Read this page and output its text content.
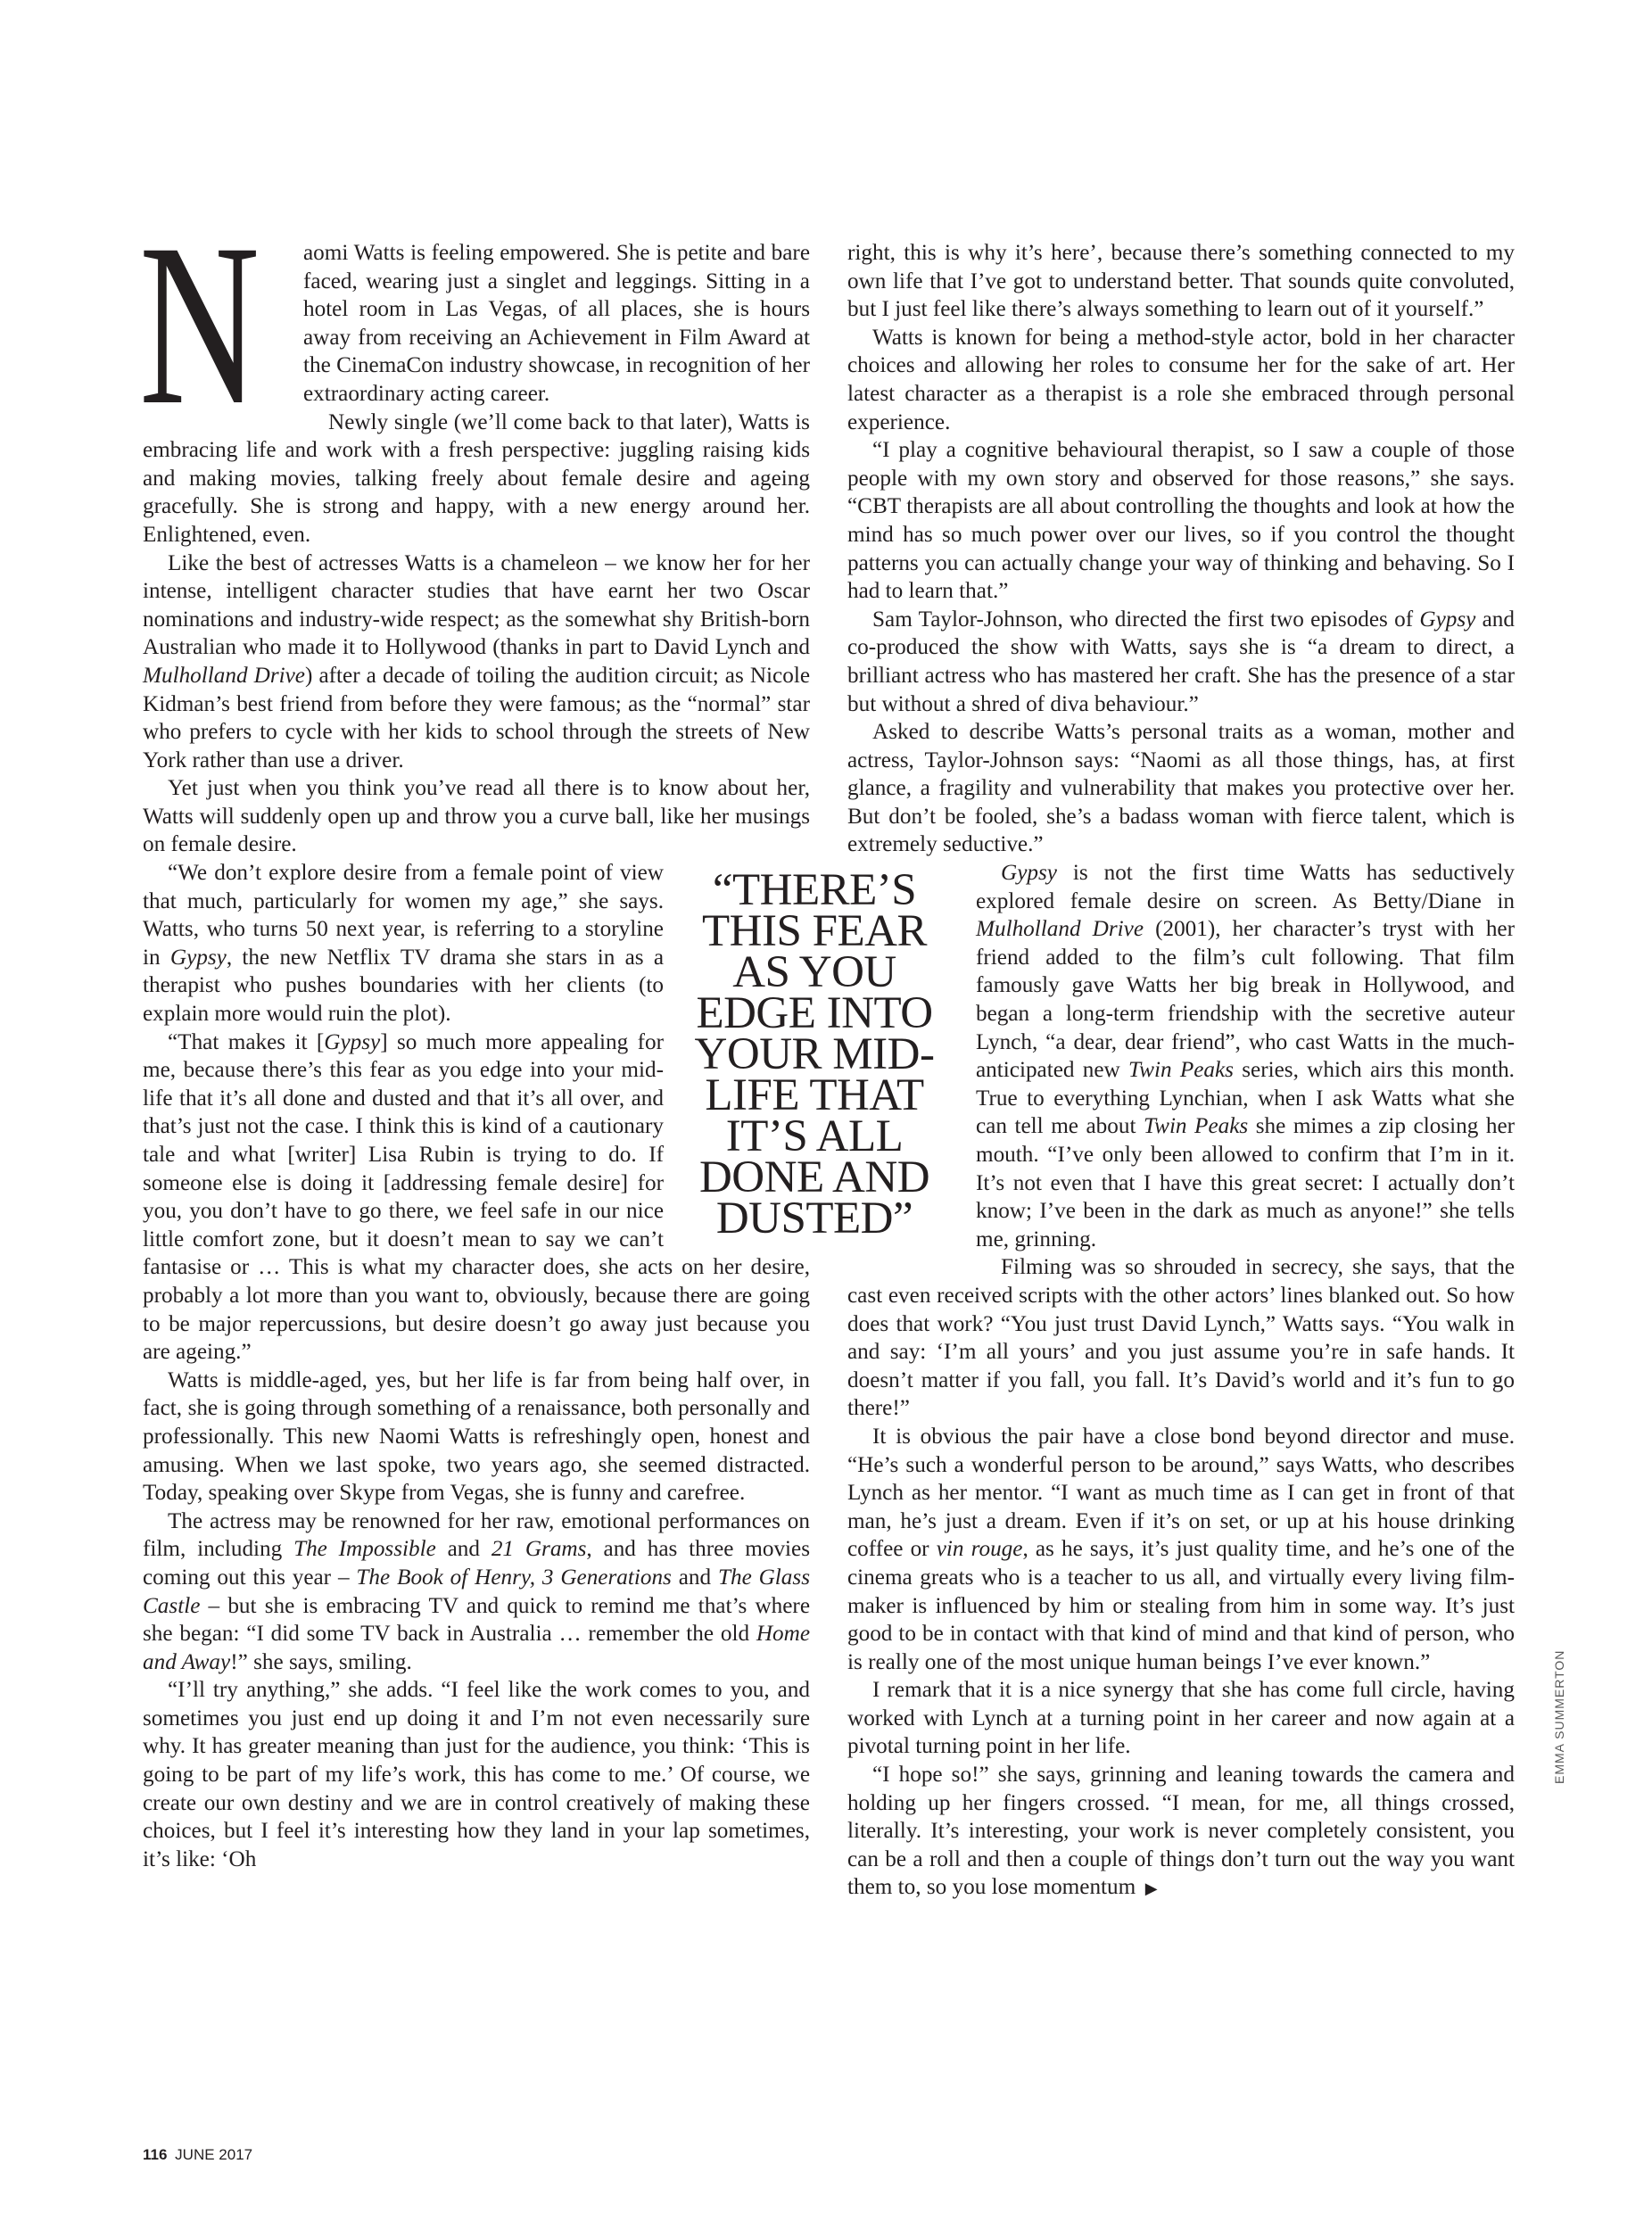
N	aomi Watts is feeling empowered. She is petite and bare faced, wearing just a singlet and leggings. Sitting in a hotel room in Las Vegas, of all places, she is hours away from receiving an Achievement in Film Award at the CinemaCon industry showcase, in recognition of her extraordinary acting career.

Newly single (we’ll come back to that later), Watts is embracing life and work with a fresh perspective: juggling raising kids and making movies, talking freely about female desire and ageing gracefully. She is strong and happy, with a new energy around her. Enlightened, even.

Like the best of actresses Watts is a chameleon – we know her for her intense, intelligent character studies that have earnt her two Oscar nominations and industry-wide respect; as the somewhat shy British-born Australian who made it to Hollywood (thanks in part to David Lynch and Mulholland Drive) after a decade of toiling the audition circuit; as Nicole Kidman’s best friend from before they were famous; as the “normal” star who prefers to cycle with her kids to school through the streets of New York rather than use a driver.

Yet just when you think you’ve read all there is to know about her, Watts will suddenly open up and throw you a curve ball, like her musings on female desire.

“THERE’S THIS FEAR AS YOU EDGE INTO YOUR MID-LIFE THAT IT’S ALL DONE AND DUSTED”

“We don’t explore desire from a female point of view that much, particularly for women my age,” she says. Watts, who turns 50 next year, is referring to a storyline in Gypsy, the new Netflix TV drama she stars in as a therapist who pushes boundaries with her clients (to explain more would ruin the plot).

“That makes it [Gypsy] so much more appealing for me, because there’s this fear as you edge into your mid-life that it’s all done and dusted and that it’s all over, and that’s just not the case. I think this is kind of a cautionary tale and what [writer] Lisa Rubin is trying to do. If someone else is doing it [addressing female desire] for you, you don’t have to go there, we feel safe in our nice little comfort zone, but it doesn’t mean to say we can’t fantasise or … This is what my character does, she acts on her desire, probably a lot more than you want to, obviously, because there are going to be major repercussions, but desire doesn’t go away just because you are ageing.”

Watts is middle-aged, yes, but her life is far from being half over, in fact, she is going through something of a renaissance, both personally and professionally. This new Naomi Watts is refreshingly open, honest and amusing. When we last spoke, two years ago, she seemed distracted. Today, speaking over Skype from Vegas, she is funny and carefree.

The actress may be renowned for her raw, emotional performances on film, including The Impossible and 21 Grams, and has three movies coming out this year – The Book of Henry, 3 Generations and The Glass Castle – but she is embracing TV and quick to remind me that’s where she began: “I did some TV back in Australia … remember the old Home and Away!” she says, smiling.

“I’ll try anything,” she adds. “I feel like the work comes to you, and sometimes you just end up doing it and I’m not even necessarily sure why. It has greater meaning than just for the audience, you think: ‘This is going to be part of my life’s work, this has come to me.’ Of course, we create our own destiny and we are in control creatively of making these choices, but I feel it’s interesting how they land in your lap sometimes, it’s like: ‘Oh

right, this is why it’s here’, because there’s something connected to my own life that I’ve got to understand better. That sounds quite convoluted, but I just feel like there’s always something to learn out of it yourself.”

Watts is known for being a method-style actor, bold in her character choices and allowing her roles to consume her for the sake of art. Her latest character as a therapist is a role she embraced through personal experience.

“I play a cognitive behavioural therapist, so I saw a couple of those people with my own story and observed for those reasons,” she says. “CBT therapists are all about controlling the thoughts and look at how the mind has so much power over our lives, so if you control the thought patterns you can actually change your way of thinking and behaving. So I had to learn that.”

Sam Taylor-Johnson, who directed the first two episodes of Gypsy and co-produced the show with Watts, says she is “a dream to direct, a brilliant actress who has mastered her craft. She has the presence of a star but without a shred of diva behaviour.”

Asked to describe Watts’s personal traits as a woman, mother and actress, Taylor-Johnson says: “Naomi as all those things, has, at first glance, a fragility and vulnerability that makes you protective over her. But don’t be fooled, she’s a badass woman with fierce talent, which is extremely seductive.”

Gypsy is not the first time Watts has seductively explored female desire on screen. As Betty/Diane in Mulholland Drive (2001), her character’s tryst with her friend added to the film’s cult following. That film famously gave Watts her big break in Hollywood, and began a long-term friendship with the secretive auteur Lynch, “a dear, dear friend”, who cast Watts in the much-anticipated new Twin Peaks series, which airs this month. True to everything Lynchian, when I ask Watts what she can tell me about Twin Peaks she mimes a zip closing her mouth. “I’ve only been allowed to confirm that I’m in it. It’s not even that I have this great secret: I actually don’t know; I’ve been in the dark as much as anyone!” she tells me, grinning.

Filming was so shrouded in secrecy, she says, that the cast even received scripts with the other actors’ lines blanked out. So how does that work? “You just trust David Lynch,” Watts says. “You walk in and say: ‘I’m all yours’ and you just assume you’re in safe hands. It doesn’t matter if you fall, you fall. It’s David’s world and it’s fun to go there!”

It is obvious the pair have a close bond beyond director and muse. “He’s such a wonderful person to be around,” says Watts, who describes Lynch as her mentor. “I want as much time as I can get in front of that man, he’s just a dream. Even if it’s on set, or up at his house drinking coffee or vin rouge, as he says, it’s just quality time, and he’s one of the cinema greats who is a teacher to us all, and virtually every living film-maker is influenced by him or stealing from him in some way. It’s just good to be in contact with that kind of mind and that kind of person, who is really one of the most unique human beings I’ve ever known.”

I remark that it is a nice synergy that she has come full circle, having worked with Lynch at a turning point in her career and now again at a pivotal turning point in her life.

“I hope so!” she says, grinning and leaning towards the camera and holding up her fingers crossed. “I mean, for me, all things crossed, literally. It’s interesting, your work is never completely consistent, you can be a roll and then a couple of things don’t turn out the way you want them to, so you lose momentum ▶

116 JUNE 2017
EMMA SUMMERTON
